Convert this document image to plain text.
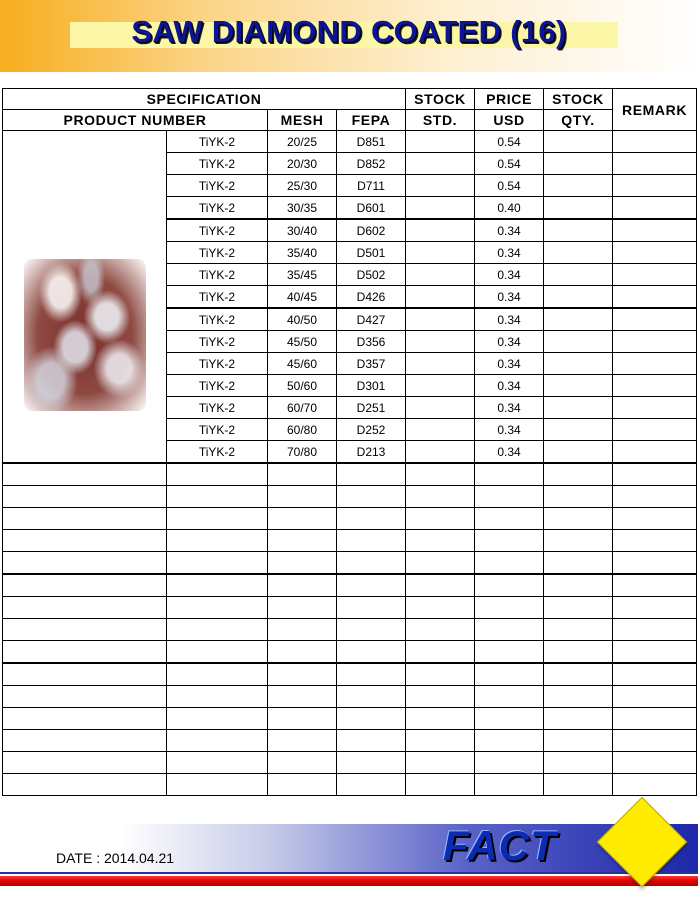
SAW DIAMOND COATED (16)
SPECIFICATION				STOCK	PRICE	STOCK	REMARK
PRODUCT NUMBER		MESH	FEPA	STD.	USD	QTY.	

	TiYK-2	20/25	D851		0.54		
	TiYK-2	20/30	D852		0.54		
	TiYK-2	25/30	D711		0.54		
	TiYK-2	30/35	D601		0.40		
	TiYK-2	30/40	D602		0.34		
	TiYK-2	35/40	D501		0.34		
	TiYK-2	35/45	D502		0.34		
	TiYK-2	40/45	D426		0.34		
	TiYK-2	40/50	D427		0.34		
	TiYK-2	45/50	D356		0.34		
	TiYK-2	45/60	D357		0.34		
	TiYK-2	50/60	D301		0.34		
	TiYK-2	60/70	D251		0.34		
	TiYK-2	60/80	D252		0.34		
	TiYK-2	70/80	D213		0.34		

DATE : 2014.04.21	FACT
